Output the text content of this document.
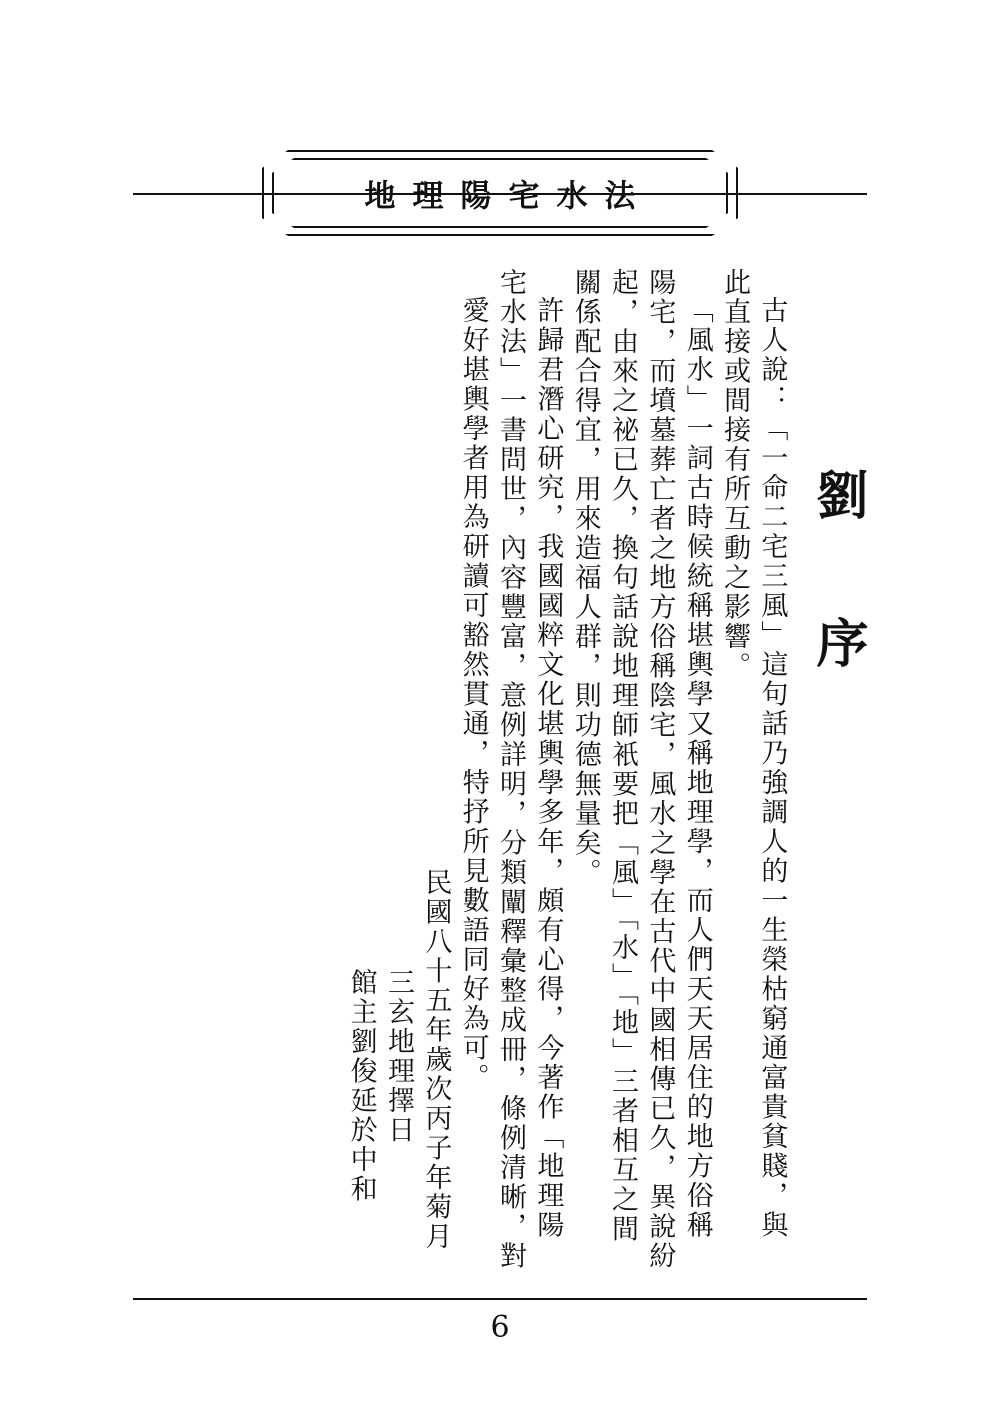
地理陽宅水法
劉　序
古人說：「一命二宅三風」這句話乃強調人的一生榮枯窮通富貴貧賤，與
此直接或間接有所互動之影響。
「風水」一詞古時候統稱堪輿學又稱地理學，而人們天天居住的地方俗稱
陽宅，而墳墓葬亡者之地方俗稱陰宅，風水之學在古代中國相傳已久，異說紛
起，由來之祕已久，換句話說地理師衹要把「風」「水」「地」三者相互之間
關係配合得宜，用來造福人群，則功德無量矣。
許歸君潛心研究，我國國粹文化堪輿學多年，頗有心得，今著作「地理陽
宅水法」一書問世，內容豐富，意例詳明，分類闡釋彙整成冊，條例清晰，對
愛好堪輿學者用為研讀可豁然貫通，特抒所見數語同好為可。
民國八十五年歲次丙子年菊月
三玄地理擇日
館主劉俊延於中和
6
